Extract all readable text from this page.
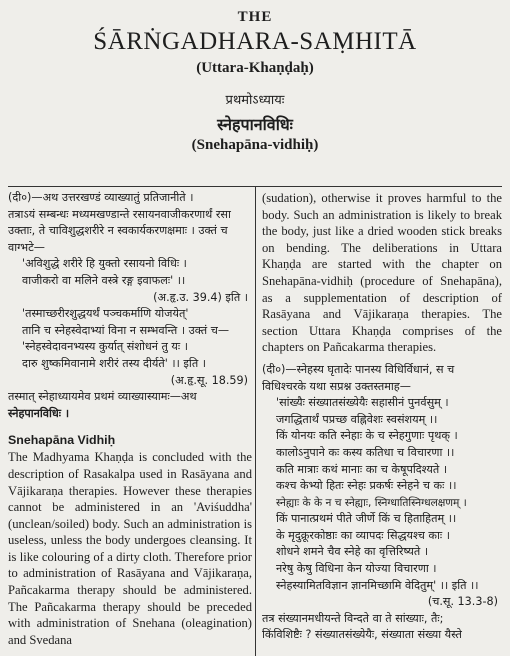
THE
ŚĀRṄGADHARA-SAṂHITĀ
(Uttara-Khaṇḍaḥ)
प्रथमोऽध्यायः
स्नेहपानविधिः
(Snehapāna-vidhiḥ)

(दी०)—अथ उत्तरखण्डं व्याख्यातुं प्रतिजानीते ।

तत्राऽयं सम्बन्धः मध्यमखण्डान्ते रसायनवाजीकरणार्थं रसा

उक्ताः, ते चाविशुद्धशरीरे न स्वकार्यकरणक्षमाः । उक्तं च

वाग्भटे—

'अविशुद्धे शरीरे हि युक्तो रसायनो विधिः ।

वाजीकरो वा मलिने वस्त्रे रङ्ग इवाफलः' ।।

(अ.हृ.उ. 39.4) इति ।

'तस्माच्छरीरशुद्धयर्थं पञ्चकर्माणि योजयेत्'

तानि च स्नेहस्वेदाभ्यां विना न सम्भवन्ति । उक्तं च—

'स्नेहस्वेदावनभ्यस्य कुर्यात् संशोधनं तु यः ।

दारु शुष्कमिवानामे शरीरं तस्य दीर्यते' ।। इति ।

(अ.हृ.सू. 18.59)

तस्मात् स्नेहाध्यायमेव प्रथमं व्याख्यास्यामः—अथ

स्नेहपानविधिः ।

Snehapāna Vidhiḥ

The Madhyama Khaṇḍa is concluded with the description of Rasakalpa used in Rasāyana and Vājikaraṇa therapies. However these therapies cannot be administered in an 'Aviśuddha' (unclean/soiled) body. Such an administration is useless, unless the body undergoes cleansing. It is like colouring of a dirty cloth. Therefore prior to administration of Rasāyana and Vājikaraṇa, Pañcakarma therapy should be administered. The Pañcakarma therapy should be preceded with administration of Snehana (oleagination) and Svedana

(sudation), otherwise it proves harmful to the body. Such an administration is likely to break the body, just like a dried wooden stick breaks on bending. The deliberations in Uttara Khaṇḍa are started with the chapter on Snehapāna-vidhiḥ (procedure of Snehapāna), as a supplementation of description of Rasāyana and Vājikaraṇa therapies. The section Uttara Khaṇḍa comprises of the chapters on Pañcakarma therapies.

(दी०)—स्नेहस्य घृतादेः पानस्य विधिर्विधानं, स च

विधिश्चरके यथा सप्रश्न उक्तस्तमाह—

'सांख्यैः संख्यातसंख्येयैः सहासीनं पुनर्वसुम् ।

जगद्धितार्थं पप्रच्छ वह्निवेशः स्वसंशयम् ।।

किं योनयः कति स्नेहाः के च स्नेहगुणाः पृथक् ।

कालोऽनुपाने कः कस्य कतिधा च विचारणा ।।

कति मात्राः कथं मानाः का च केषूपदिश्यते ।

कश्च केभ्यो हितः स्नेहः प्रकर्षः स्नेहने च कः ।।

स्नेह्याः के के न च स्नेह्याः, स्निग्धातिस्निग्धलक्षणम् ।

किं पानात्प्रथमं पीते जीर्णे किं च हिताहितम् ।।

के मृदुक्रूरकोष्ठाः का व्यापदः सिद्धयश्च काः ।

शोधने शमने चैव स्नेहे का वृत्तिरिष्यते ।

नरेषु केषु विधिना केन योज्या विचारणा ।

स्नेहस्यामितविज्ञान ज्ञानमिच्छामि वेदितुम्' ।। इति ।।

(च.सू. 13.3-8)

तत्र संख्यानमधीयन्ते विन्दते वा ते सांख्याः, तैः;

किंविशिष्टैः ? संख्यातसंख्येयैः, संख्याता संख्या यैस्ते
